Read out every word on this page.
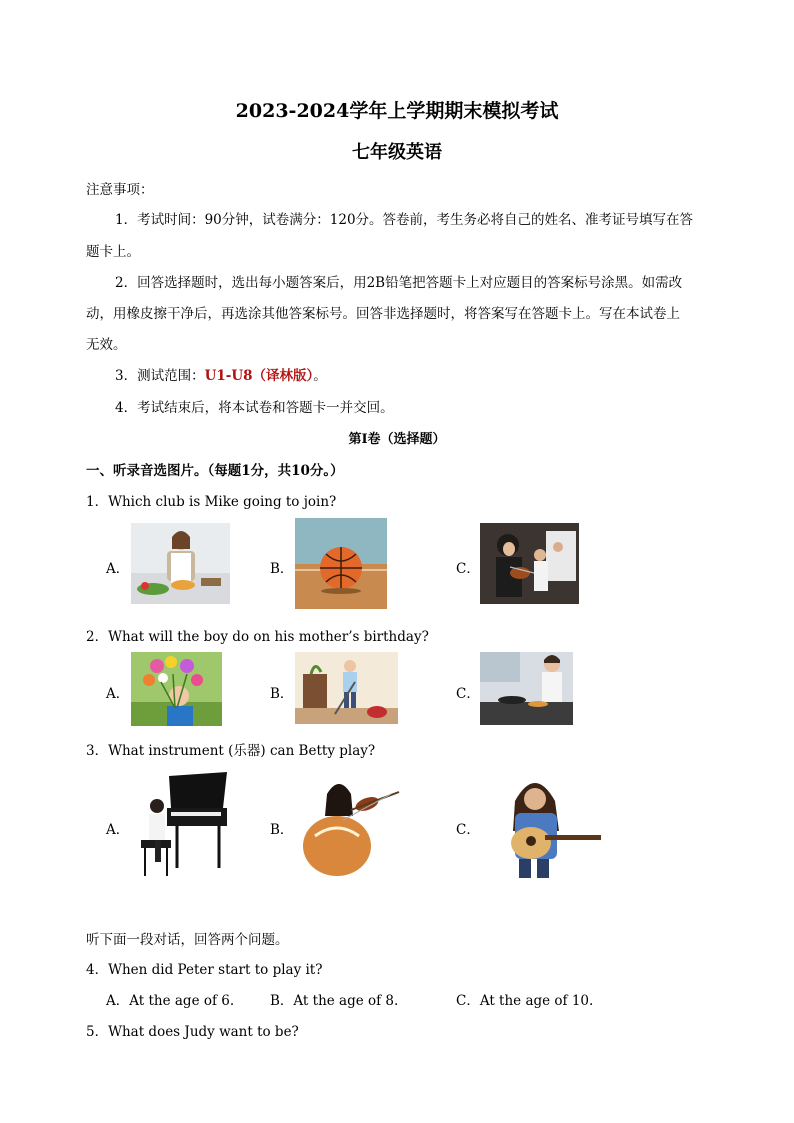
2023-2024学年上学期期末模拟考试
七年级英语
注意事项：
1．考试时间：90分钟，试卷满分：120分。答卷前，考生务必将自己的姓名、准考证号填写在答
题卡上。
2．回答选择题时，选出每小题答案后，用2B铅笔把答题卡上对应题目的答案标号涂黑。如需改
动，用橡皮擦干净后，再选涂其他答案标号。回答非选择题时，将答案写在答题卡上。写在本试卷上
无效。
3．测试范围：U1-U8（译林版）。
4．考试结束后，将本试卷和答题卡一并交回。
第I卷（选择题）
一、听录音选图片。（每题1分，共10分。）
1．Which club is Mike going to join?
A．	B．	C．
2．What will the boy do on his mother’s birthday?
A．	B．	C．
3．What instrument (乐器) can Betty play?
A．	B．	C．
听下面一段对话，回答两个问题。
4．When did Peter start to play it?
A．At the age of 6.	B．At the age of 8.	C．At the age of 10.
5．What does Judy want to be?
